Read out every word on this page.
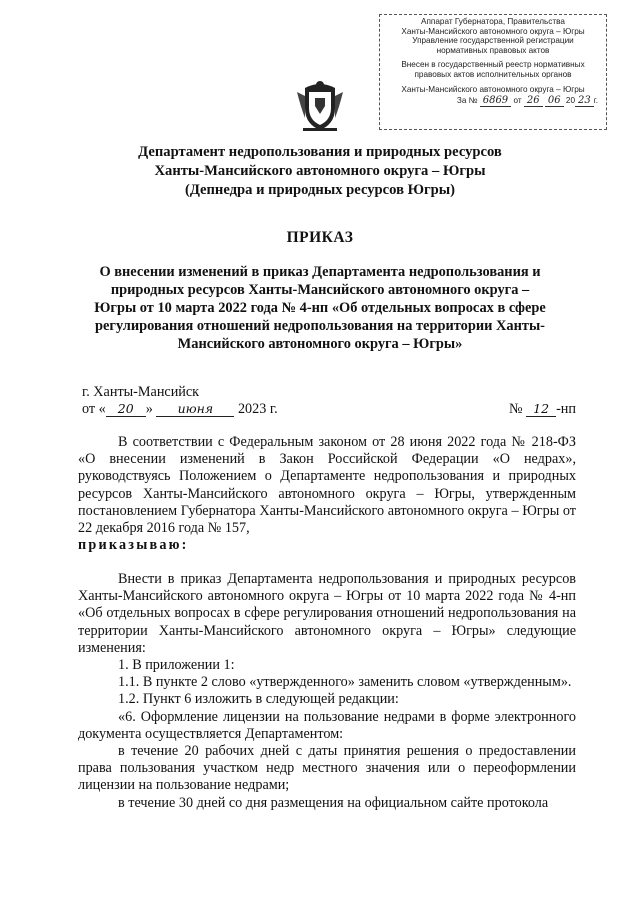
Аппарат Губернатора, Правительства
Ханты-Мансийского автономного округа – Югры
Управление государственной регистрации
нормативных правовых актов
Внесен в государственный реестр нормативных
правовых актов исполнительных органов
Ханты-Мансийского автономного округа – Югры
За № 6869 от 26 06 20 23 г.
Департамент недропользования и природных ресурсов
Ханты-Мансийского автономного округа – Югры
(Депнедра и природных ресурсов Югры)
ПРИКАЗ
О внесении изменений в приказ Департамента недропользования и
природных ресурсов Ханты-Мансийского автономного округа –
Югры от 10 марта 2022 года № 4-нп «Об отдельных вопросах в сфере
регулирования отношений недропользования на территории Ханты-
Мансийского автономного округа – Югры»
г. Ханты-Мансийск
от « 20 » июня 2023 г.	№ 12 -нп

В соответствии с Федеральным законом от 28 июня 2022 года № 218-ФЗ «О внесении изменений в Закон Российской Федерации «О недрах», руководствуясь Положением о Департаменте недропользования и природных ресурсов Ханты-Мансийского автономного округа – Югры, утвержденным постановлением Губернатора Ханты-Мансийского автономного округа – Югры от 22 декабря 2016 года № 157,

приказываю:

Внести в приказ Департамента недропользования и природных ресурсов Ханты-Мансийского автономного округа – Югры от 10 марта 2022 года № 4-нп «Об отдельных вопросах в сфере регулирования отношений недропользования на территории Ханты-Мансийского автономного округа – Югры» следующие изменения:

1. В приложении 1:

1.1. В пункте 2 слово «утвержденного» заменить словом «утвержденным».

1.2. Пункт 6 изложить в следующей редакции:

«6. Оформление лицензии на пользование недрами в форме электронного документа осуществляется Департаментом:

в течение 20 рабочих дней с даты принятия решения о предоставлении права пользования участком недр местного значения или о переоформлении лицензии на пользование недрами;

в течение 30 дней со дня размещения на официальном сайте протокола
